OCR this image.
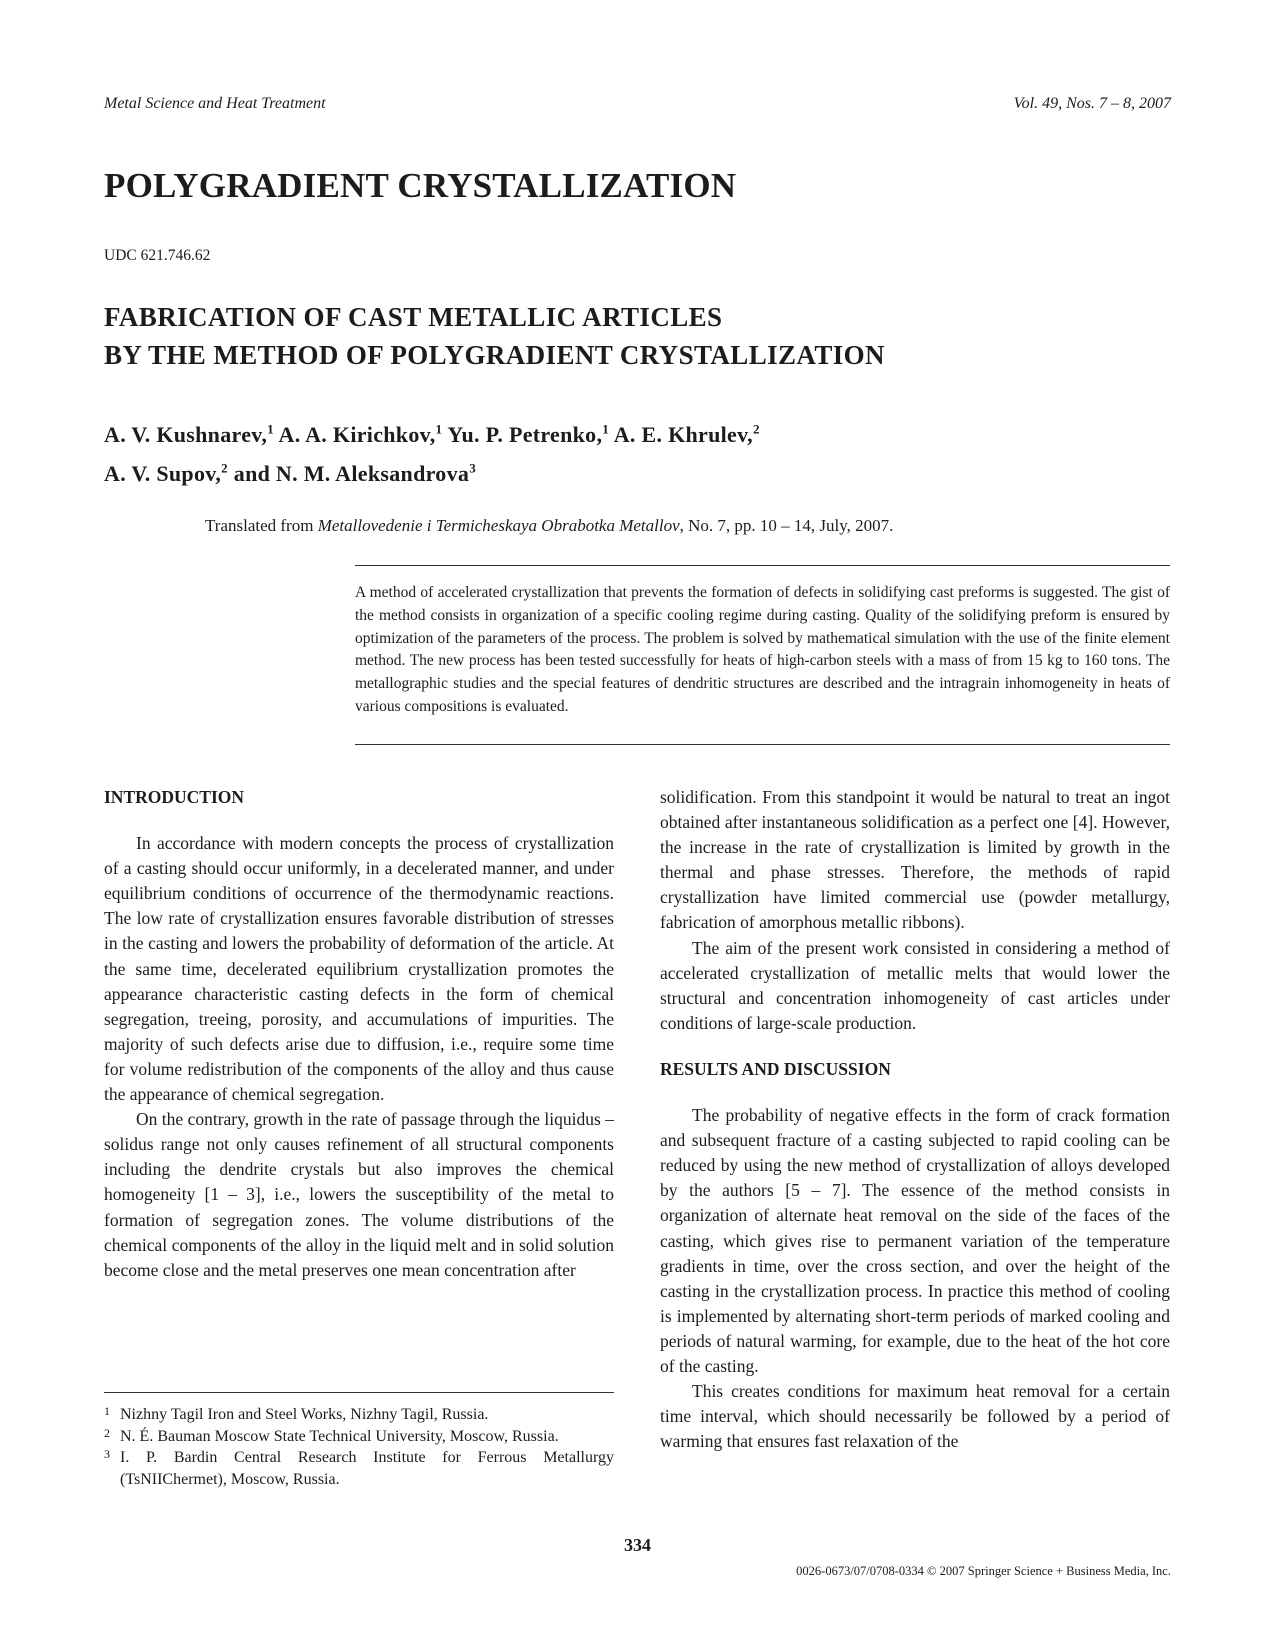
Metal Science and Heat Treatment	Vol. 49, Nos. 7 – 8, 2007
POLYGRADIENT CRYSTALLIZATION
UDC 621.746.62
FABRICATION OF CAST METALLIC ARTICLES
BY THE METHOD OF POLYGRADIENT CRYSTALLIZATION
A. V. Kushnarev,$^1$ A. A. Kirichkov,$^1$ Yu. P. Petrenko,$^1$ A. E. Khrulev,$^2$
A. V. Supov,$^2$ and N. M. Aleksandrova$^3$
Translated from Metallovedenie i Termicheskaya Obrabotka Metallov, No. 7, pp. 10 – 14, July, 2007.
A method of accelerated crystallization that prevents the formation of defects in solidifying cast preforms is suggested. The gist of the method consists in organization of a specific cooling regime during casting. Quality of the solidifying preform is ensured by optimization of the parameters of the process. The problem is solved by mathematical simulation with the use of the finite element method. The new process has been tested successfully for heats of high-carbon steels with a mass of from 15 kg to 160 tons. The metallographic studies and the special features of dendritic structures are described and the intragrain inhomogeneity in heats of various compositions is evaluated.

INTRODUCTION

In accordance with modern concepts the process of crystallization of a casting should occur uniformly, in a decelerated manner, and under equilibrium conditions of occurrence of the thermodynamic reactions. The low rate of crystallization ensures favorable distribution of stresses in the casting and lowers the probability of deformation of the article. At the same time, decelerated equilibrium crystallization promotes the appearance characteristic casting defects in the form of chemical segregation, treeing, porosity, and accumulations of impurities. The majority of such defects arise due to diffusion, i.e., require some time for volume redistribution of the components of the alloy and thus cause the appearance of chemical segregation.

On the contrary, growth in the rate of passage through the liquidus – solidus range not only causes refinement of all structural components including the dendrite crystals but also improves the chemical homogeneity [1 – 3], i.e., lowers the susceptibility of the metal to formation of segregation zones. The volume distributions of the chemical components of the alloy in the liquid melt and in solid solution become close and the metal preserves one mean concentration after

solidification. From this standpoint it would be natural to treat an ingot obtained after instantaneous solidification as a perfect one [4]. However, the increase in the rate of crystallization is limited by growth in the thermal and phase stresses. Therefore, the methods of rapid crystallization have limited commercial use (powder metallurgy, fabrication of amorphous metallic ribbons).

The aim of the present work consisted in considering a method of accelerated crystallization of metallic melts that would lower the structural and concentration inhomogeneity of cast articles under conditions of large-scale production.

RESULTS AND DISCUSSION

The probability of negative effects in the form of crack formation and subsequent fracture of a casting subjected to rapid cooling can be reduced by using the new method of crystallization of alloys developed by the authors [5 – 7]. The essence of the method consists in organization of alternate heat removal on the side of the faces of the casting, which gives rise to permanent variation of the temperature gradients in time, over the cross section, and over the height of the casting in the crystallization process. In practice this method of cooling is implemented by alternating short-term periods of marked cooling and periods of natural warming, for example, due to the heat of the hot core of the casting.

This creates conditions for maximum heat removal for a certain time interval, which should necessarily be followed by a period of warming that ensures fast relaxation of the

1 Nizhny Tagil Iron and Steel Works, Nizhny Tagil, Russia.
2 N. É. Bauman Moscow State Technical University, Moscow, Russia.
3 I. P. Bardin Central Research Institute for Ferrous Metallurgy (TsNIIChermet), Moscow, Russia.
334
0026-0673/07/0708-0334 © 2007 Springer Science + Business Media, Inc.
